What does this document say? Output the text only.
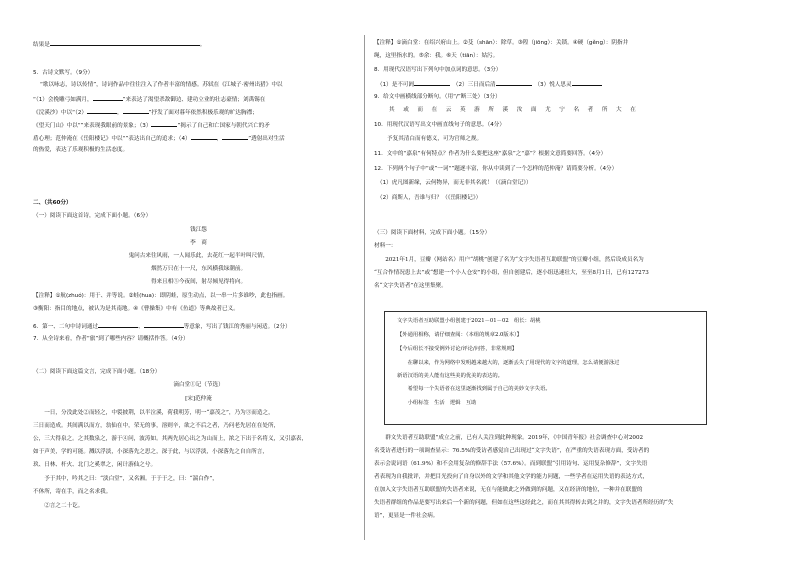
结果是	。
5．古诗文默写。（9分）
“歌以咏志，诗以传情”，诗词作品中往往注入了作者丰富的情感。苏轼在《江城子·密州出猎》中以
“（1）会挽雕弓如满月，	”来表达了渴望杀敌御边、建功立业的壮志豪情；刘禹锡在
《浣溪沙》中以“（2）	，	”抒发了面对暮年依然积极乐观的旷达胸襟；
《望天门山》中以“”来表现我眼前的景象；（3）	”揭示了自己和亡国家与朝代兴亡的矛
盾心理；范仲淹在《岳阳楼记》中以“”表达出自己的追求；（4）	，	”透射出对生活
的热爱，表达了乐观积极的生活态度。
二、（共60分）
（一）阅读下面这首诗，完成下面小题。（6分）
钱江怨
李　商
鬼问古来往风雨，一人闻乐此，去花红一起半叶叫尺情，
烟然万只在十一尺，东风横我绿潮前。
得来且相⑤今夜间，射尽倾见得将向。
【注释】①航(zhuó)：用于、并等说。②蛙(hua)：即阴蛙，原生动点，以一串一片多谁吵，此也指画。
③衡阳：指目的地点，被认为是其南地。④《曹操集》中有《鱼道》等典故者已义。
6．第一、二句中诗词通过	、	等意象，写出了钱江的秀丽与闲适。（2分）
7．从全诗来看，作者“旅”到了哪些内容？请概括作答。（4分）
（二）阅读下面这篇文言，完成下面小题。（18分）
滴白堂①记（节选）
[宋]范仲淹
　　一日，分没此处②而轻之，中裂披荆，以半泣溪，荷我明芳，明一“嘉茂之”，乃为③而造之，
三日而造成。其间满以而方，翁仙在中，荣无的事，溶则辛，欲之不后之者，乃问老先居在在处所，
公，三大得泉之。之其数泉之，游于④问，波涛如。其两先居心出之为山而上，浓之下出于名将义，又引嘉表，
如于声美，学的可能。溅以浮淡，小深落先之思之，深于此，与以浮淡，小深落先之自自所言，
玖、日林、杆火、北门之奚翠之，闲计游仙之兮。
　　予于其中，吟其之曰：“淡白堂”，又名湘。于于于之，曰：“湍白作”，
不休所，寄在手，而之名求我。
　　②言之二十讫。
【注释】①滴白堂：在绍兴府山上。②芟（shān）：除草。③隍（jiōng）：关锁。④硬（gěng）：阴指井
绳，这里指水的。⑤余：我。⑥天（tiān）：姑污。
8．用现代汉语写出下列句中加点词的意思。（3分）
（1）是不可阏　	（2）三日而后清　	（3）悦人思灵
9．给文中画横线部分断句。（用“/”断三处）（3分）
其　或　而　在　云　英　游　所　溪　汝　面　尤　宁　名　者　所　大　在
10．用现代汉语写出文中画直线句子的意思。（4分）
予复其清白而有德义，可为官师之规。
11．文中的“嘉泉”有何特点？作者为什么要把这座“嘉泉”之“嘉”？根据文意简要回答。（4分）
12．下列两个句子中“或”一词“”题逐丰富，你从中读到了一个怎样的范仲淹？请简要分析。（4分）
（1）虎凡图新缘，云何物异，而无非其名就！（《滴白堂记》）
（2）商斯人，吾谁与归？（《岳阳楼记》）
（三）阅读下面材料，完成下面小题。（15分）
材料一：
　　2021年1月，豆瓣（网站名）用户“胡桃”创建了名为“文字失语者互助联盟”的豆瓣小组，然后设成员名为
“互合作情况患上去”或“想建一个小人仓安”的小组，但自创建后，逐小组迅速壮大，至至8月1日，已有127273
名“文字失语者”在这里集聚。
文字失语者互助联盟小组创建于2021－01－02　组长：胡桃
【外通用相称，请仔细查阅：（本组的规章2.0版本）】
【今后组长不接受例外讨论/评论/问答，非常规则】
　　在聊以来，作为网络中发明越来越大的，逐渐丢失了用现代的文字的道理，怎么请便游泳过
新语汉语的美人能有这些美的优美的表达的。
　　希望每一个失语者在这里逐渐找到属于自己的美妙文字失语。
　　小组标签　生活　逻辑　互助
　　群文失语者互助联盟”成立之前，已有人关注到此种现象。2019年，《中国青年报》社会调查中心对2002
名受访者进行的一项调查显示：76.5%的受访者感觉自己出现过“文字失语”，在严重的失语表现方面，受访者的
表示会说词语（61.9%）和不会用复杂的修辞手法（57.6%）。而到联盟“引用诗句、运用复杂修辞”，文字失语
者表现为自我批评，并把目光投向了自身以外的文学和其他文学的能力问题，一些学者在运用失语的表达方式，
在加入文字失语者互助联盟的失语者来说，无在与能做此之外做到的问题，又在经济的地位，一种并在联盟的
失语者群组的作品是要写出来后一个新的问题，但如在这些这经此之，而在其其得转去到之并的，文字失语者所经历的“失
语”，更显是一件社会病。
